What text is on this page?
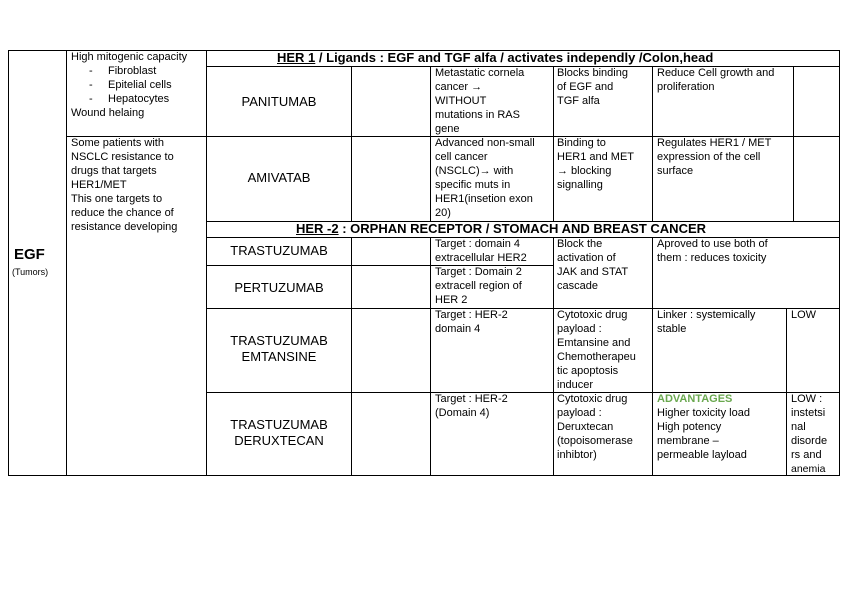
EGF
(Tumors)
High mitogenic capacity
- Fibroblast
- Epitelial cells
- Hepatocytes
Wound helaing
Some patients with
NSCLC resistance to
drugs that targets
HER1/MET
This one targets to
reduce the chance of
resistance developing
HER 1 / Ligands : EGF and TGF alfa / activates independly /Colon,head
PANITUMAB
Metastatic cornela
cancer →
WITHOUT
mutations in RAS
gene
Blocks binding
of EGF and
TGF alfa
Reduce Cell growth and
proliferation
AMIVATAB
Advanced non-small
cell cancer
(NSCLC)→ with
specific muts in
HER1(insetion exon
20)
Binding to
HER1 and MET
→ blocking
signalling
Regulates HER1 / MET
expression of the cell
surface
HER -2 : ORPHAN RECEPTOR / STOMACH AND BREAST CANCER
TRASTUZUMAB	Target : domain 4
extracellular HER2
Block the
activation of
JAK and STAT
cascade
Aproved to use both of
them : reduces toxicity
PERTUZUMAB
Target : Domain 2
extracell region of
HER 2
TRASTUZUMAB
EMTANSINE
Target : HER-2
domain 4
Cytotoxic drug
payload :
Emtansine and
Chemotherapeu
tic apoptosis
inducer
Linker : systemically
stable
LOW
TRASTUZUMAB
DERUXTECAN
Target : HER-2
(Domain 4)
Cytotoxic drug
payload :
Deruxtecan
(topoisomerase
inhibtor)
ADVANTAGES
Higher toxicity load
High potency
membrane –
permeable layload
LOW :
instetsi
nal
disorde
rs and
anemia
